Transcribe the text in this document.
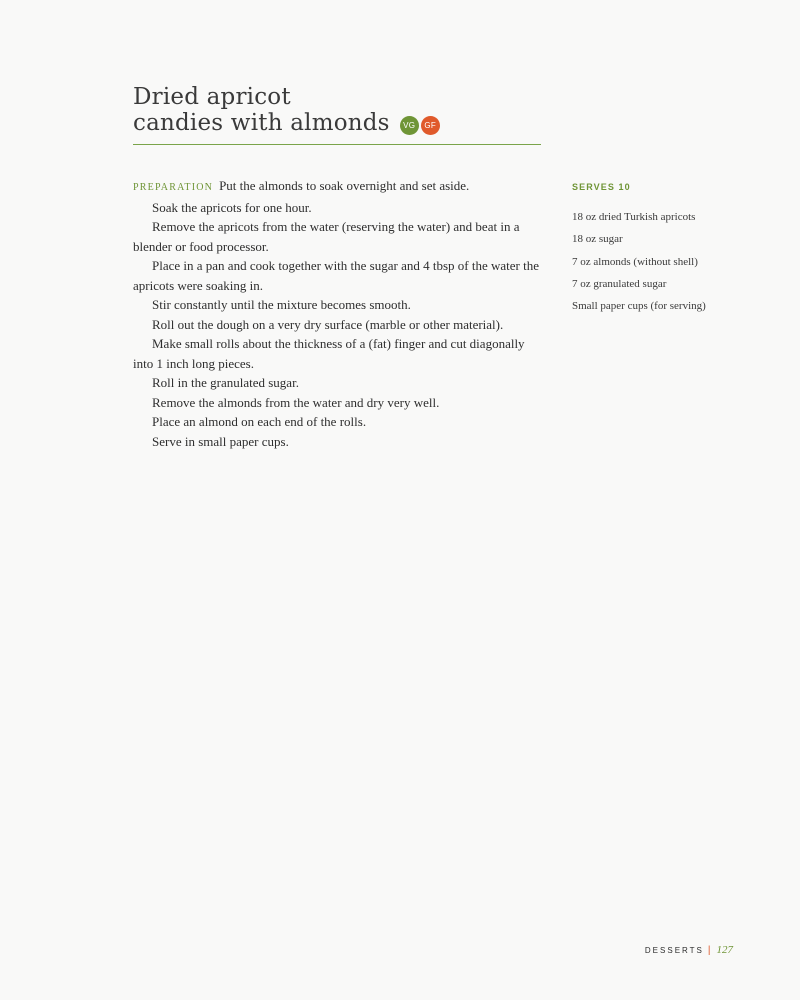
Dried apricot
candies with almonds VG GF

PREPARATION Put the almonds to soak overnight and set aside.

Soak the apricots for one hour.

Remove the apricots from the water (reserving the water) and beat in a blender or food processor.

Place in a pan and cook together with the sugar and 4 tbsp of the water the apricots were soaking in.

Stir constantly until the mixture becomes smooth.

Roll out the dough on a very dry surface (marble or other material).

Make small rolls about the thickness of a (fat) finger and cut diagonally into 1 inch long pieces.

Roll in the granulated sugar.

Remove the almonds from the water and dry very well.

Place an almond on each end of the rolls.

Serve in small paper cups.

SERVES 10
18 oz dried Turkish apricots
18 oz sugar
7 oz almonds (without shell)
7 oz granulated sugar
Small paper cups (for serving)
DESSERTS | 127
